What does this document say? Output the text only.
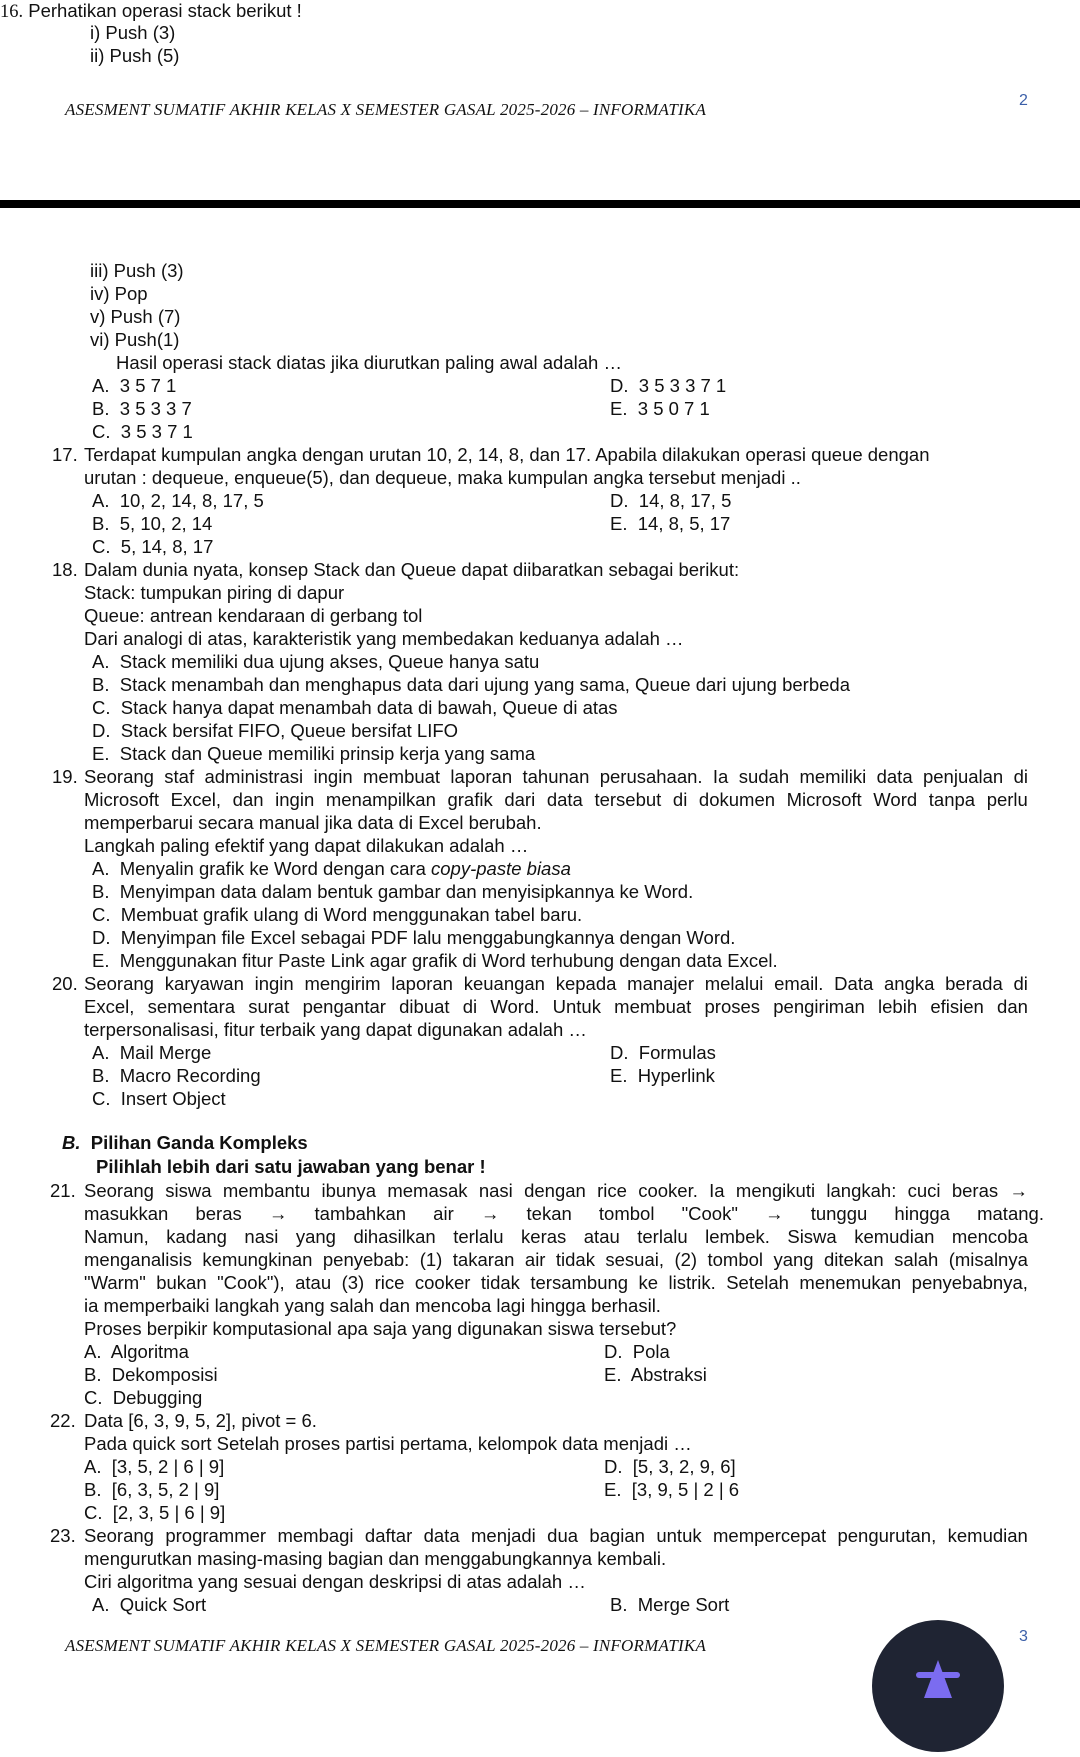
16. Perhatikan operasi stack berikut !
i) Push (3)
ii) Push (5)
ASESMENT SUMATIF AKHIR KELAS X SEMESTER GASAL 2025-2026 – INFORMATIKA	2
iii) Push (3)
iv) Pop
v) Push (7)
vi) Push(1)
Hasil operasi stack diatas jika diurutkan paling awal adalah …
A. 3 5 7 1
B. 3 5 3 3 7
C. 3 5 3 7 1
D. 3 5 3 3 7 1
E. 3 5 0 7 1
17. Terdapat kumpulan angka dengan urutan 10, 2, 14, 8, dan 17. Apabila dilakukan operasi queue dengan
urutan : dequeue, enqueue(5), dan dequeue, maka kumpulan angka tersebut menjadi ..
A. 10, 2, 14, 8, 17, 5
B. 5, 10, 2, 14
C. 5, 14, 8, 17
D. 14, 8, 17, 5
E. 14, 8, 5, 17
18. Dalam dunia nyata, konsep Stack dan Queue dapat diibaratkan sebagai berikut:
Stack: tumpukan piring di dapur
Queue: antrean kendaraan di gerbang tol
Dari analogi di atas, karakteristik yang membedakan keduanya adalah …
A. Stack memiliki dua ujung akses, Queue hanya satu
B. Stack menambah dan menghapus data dari ujung yang sama, Queue dari ujung berbeda
C. Stack hanya dapat menambah data di bawah, Queue di atas
D. Stack bersifat FIFO, Queue bersifat LIFO
E. Stack dan Queue memiliki prinsip kerja yang sama
19. Seorang staf administrasi ingin membuat laporan tahunan perusahaan. Ia sudah memiliki data penjualan di
Microsoft Excel, dan ingin menampilkan grafik dari data tersebut di dokumen Microsoft Word tanpa perlu
memperbarui secara manual jika data di Excel berubah.
Langkah paling efektif yang dapat dilakukan adalah …
A. Menyalin grafik ke Word dengan cara copy-paste biasa
B. Menyimpan data dalam bentuk gambar dan menyisipkannya ke Word.
C. Membuat grafik ulang di Word menggunakan tabel baru.
D. Menyimpan file Excel sebagai PDF lalu menggabungkannya dengan Word.
E. Menggunakan fitur Paste Link agar grafik di Word terhubung dengan data Excel.
20. Seorang karyawan ingin mengirim laporan keuangan kepada manajer melalui email. Data angka berada di
Excel, sementara surat pengantar dibuat di Word. Untuk membuat proses pengiriman lebih efisien dan
terpersonalisasi, fitur terbaik yang dapat digunakan adalah …
A. Mail Merge
B. Macro Recording
C. Insert Object
D. Formulas
E. Hyperlink
B. Pilihan Ganda Kompleks
Pilihlah lebih dari satu jawaban yang benar !
21. Seorang siswa membantu ibunya memasak nasi dengan rice cooker. Ia mengikuti langkah: cuci beras →
masukkan beras → tambahkan air → tekan tombol "Cook" → tunggu hingga matang.
Namun, kadang nasi yang dihasilkan terlalu keras atau terlalu lembek. Siswa kemudian mencoba
menganalisis kemungkinan penyebab: (1) takaran air tidak sesuai, (2) tombol yang ditekan salah (misalnya
"Warm" bukan "Cook"), atau (3) rice cooker tidak tersambung ke listrik. Setelah menemukan penyebabnya,
ia memperbaiki langkah yang salah dan mencoba lagi hingga berhasil.
Proses berpikir komputasional apa saja yang digunakan siswa tersebut?
A. Algoritma
B. Dekomposisi
C. Debugging
D. Pola
E. Abstraksi
22. Data [6, 3, 9, 5, 2], pivot = 6.
Pada quick sort Setelah proses partisi pertama, kelompok data menjadi …
A. [3, 5, 2 | 6 | 9]
B. [6, 3, 5, 2 | 9]
C. [2, 3, 5 | 6 | 9]
D. [5, 3, 2, 9, 6]
E. [3, 9, 5 | 2 | 6
23. Seorang programmer membagi daftar data menjadi dua bagian untuk mempercepat pengurutan, kemudian
mengurutkan masing-masing bagian dan menggabungkannya kembali.
Ciri algoritma yang sesuai dengan deskripsi di atas adalah …
A. Quick Sort	B. Merge Sort
ASESMENT SUMATIF AKHIR KELAS X SEMESTER GASAL 2025-2026 – INFORMATIKA	3
